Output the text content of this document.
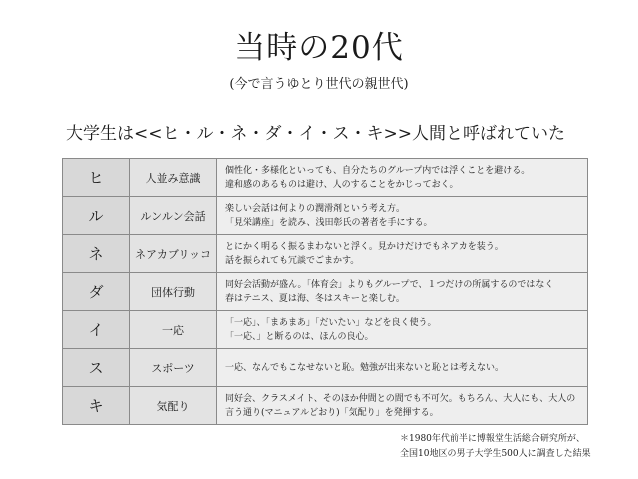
当時の20代
(今で言うゆとり世代の親世代)
大学生は<<ヒ・ル・ネ・ダ・イ・ス・キ>>人間と呼ばれていた
ヒ	人並み意識	個性化・多様化といっても、自分たちのグループ内では浮くことを避ける。
違和感のあるものは避け、人のすることをかじっておく。

ル	ルンルン会話	楽しい会話は何よりの潤滑剤という考え方。
「見栄講座」を読み、浅田彰氏の著者を手にする。

ネ	ネアカブリッコ	とにかく明るく振るまわないと浮く。見かけだけでもネアカを装う。
話を振られても冗談でごまかす。

ダ	団体行動	同好会活動が盛ん。「体育会」よりもグループで、１つだけの所属するのではなく
春はテニス、夏は海、冬はスキーと楽しむ。

イ	一応	「一応」、「まあまあ」「だいたい」などを良く使う。
「一応、」と断るのは、ほんの良心。

ス	スポーツ	一応、なんでもこなせないと恥。勉強が出来ないと恥とは考えない。

キ	気配り	同好会、クラスメイト、そのほか仲間との間でも不可欠。もちろん、大人にも、大人の
言う通り(マニュアルどおり)「気配り」を発揮する。
＊1980年代前半に博報堂生活総合研究所が、
全国10地区の男子大学生500人に調査した結果
